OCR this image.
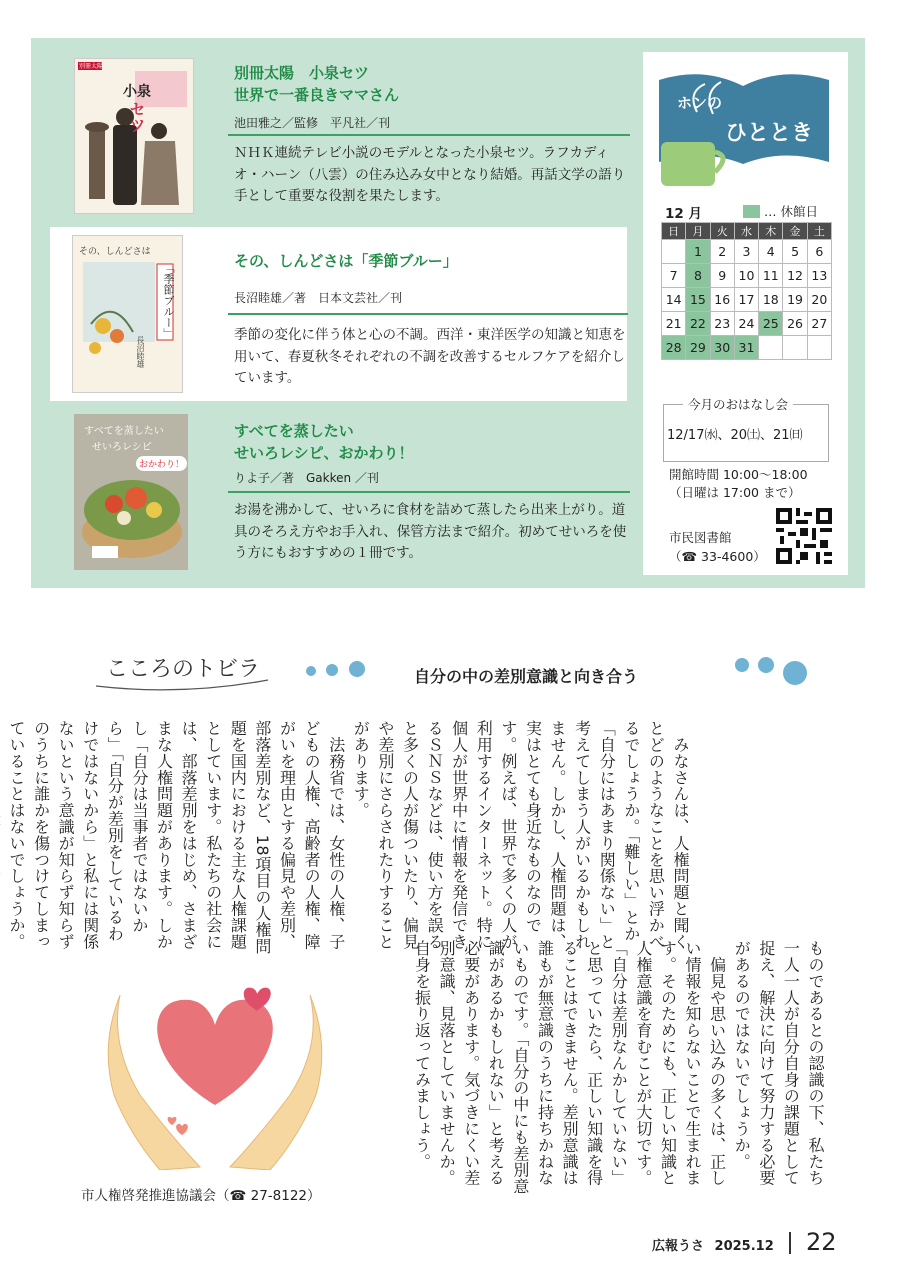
別冊太陽
小泉
セツ
別冊太陽　小泉セツ
世界で一番良きママさん
池田雅之／監修　平凡社／刊
ＮＨＫ連続テレビ小説のモデルとなった小泉セツ。ラフカディオ・ハーン（八雲）の住み込み女中となり結婚。再話文学の語り手として重要な役割を果たします。
その、しんどさは
「季節ブルー」
長沼睦雄
その、しんどさは「季節ブルー」
長沼睦雄／著　日本文芸社／刊
季節の変化に伴う体と心の不調。西洋・東洋医学の知識と知恵を用いて、春夏秋冬それぞれの不調を改善するセルフケアを紹介しています。
すべてを蒸したい
せいろレシピ
おかわり！
すべてを蒸したい
せいろレシピ、おかわり！
りよ子／著　Gakken ／刊
お湯を沸かして、せいろに食材を詰めて蒸したら出来上がり。道具のそろえ方やお手入れ、保管方法まで紹介。初めてせいろを使う方にもおすすめの１冊です。
ホンの
ひととき
12 月	… 休館日
日	月	火	水	木	金	土
	1	2	3	4	5	6
7	8	9	10	11	12	13
14	15	16	17	18	19	20
21	22	23	24	25	26	27
28	29	30	31			
今月のおはなし会
12/17㈬、20㈯、21㈰
開館時間 10:00～18:00
（日曜は 17:00 まで）
市民図書館
（☎ 33-4600）
こころのトビラ	自分の中の差別意識と向き合う
　みなさんは、人権問題と聞くとどのようなことを思い浮かべるでしょうか。「難しい」とか「自分にはあまり関係ない」と考えてしまう人がいるかもしれません。しかし、人権問題は、実はとても身近なものなのです。例えば、世界で多くの人が利用するインターネット。特に個人が世界中に情報を発信できるＳＮＳなどは、使い方を誤ると多くの人が傷ついたり、偏見や差別にさらされたりすることがあります。
　法務省では、女性の人権、子どもの人権、高齢者の人権、障がいを理由とする偏見や差別、部落差別など、18項目の人権問題を国内における主な人権課題としています。私たちの社会には、部落差別をはじめ、さまざまな人権問題があります。しかし「自分は当事者ではないから」「自分が差別をしているわけではないから」と私には関係ないという意識が知らず知らずのうちに誰かを傷つけてしまっていることはないでしょうか。	ものであるとの認識の下、私たち一人一人が自分自身の課題として捉え、解決に向けて努力する必要があるのではないでしょうか。
　偏見や思い込みの多くは、正しい情報を知らないことで生まれます。そのためにも、正しい知識と人権意識を育むことが大切です。「自分は差別なんかしていない」と思っていたら、正しい知識を得ることはできません。差別意識は誰もが無意識のうちに持ちかねないものです。「自分の中にも差別意識があるかもしれない」と考える必要があります。気づきにくい差別意識、見落としていませんか。自身を振り返ってみましょう。
市人権啓発推進協議会（☎ 27-8122）
広報うさ 2025.12 22
